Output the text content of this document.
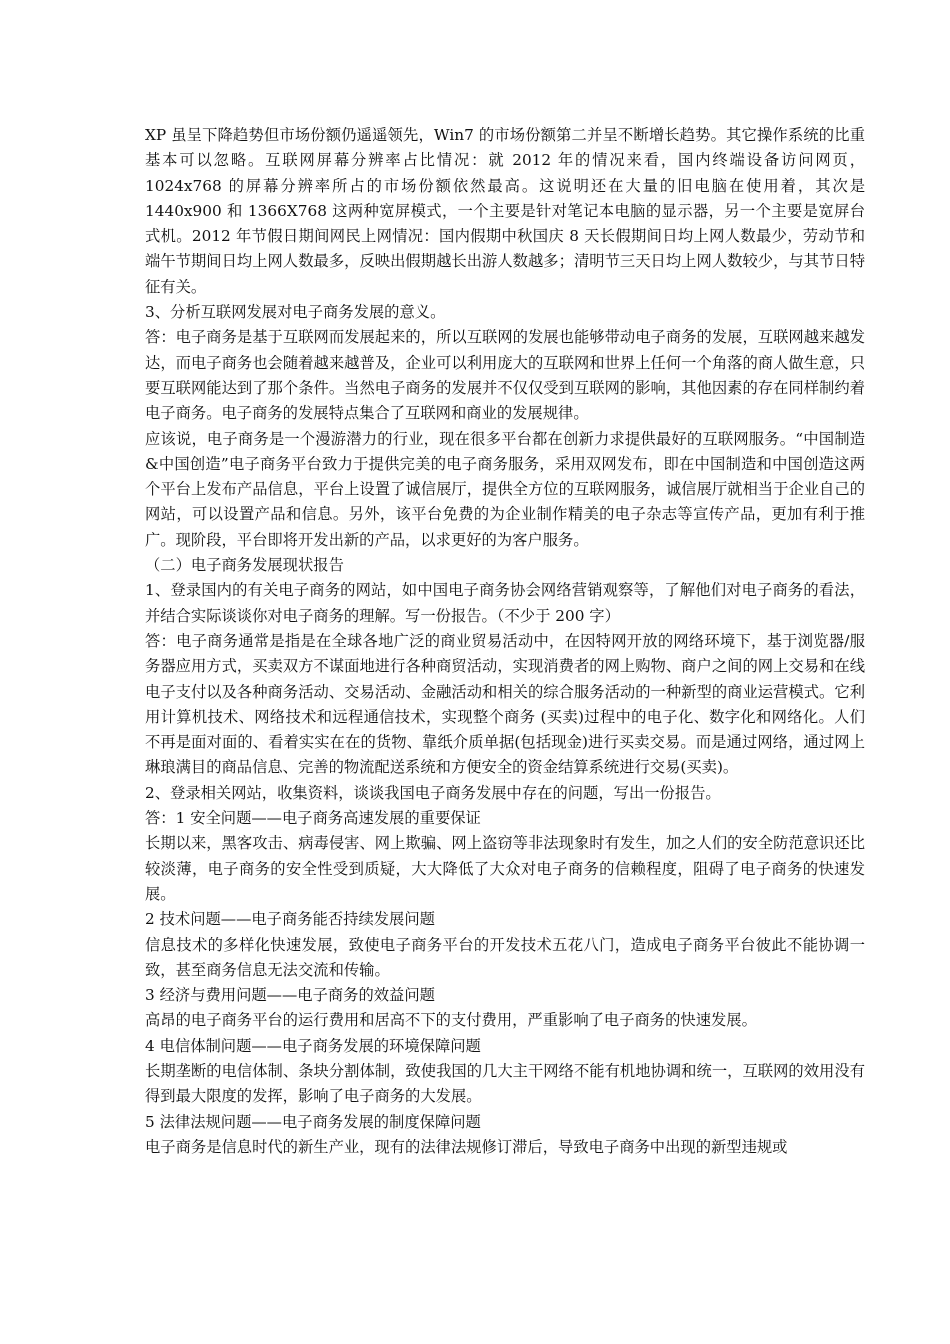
XP 虽呈下降趋势但市场份额仍遥遥领先，Win7 的市场份额第二并呈不断增长趋势。其它操作系统的比重基本可以忽略。互联网屏幕分辨率占比情况：就 2012 年的情况来看，国内终端设备访问网页，1024x768 的屏幕分辨率所占的市场份额依然最高。这说明还在大量的旧电脑在使用着，其次是 1440x900 和 1366X768 这两种宽屏模式，一个主要是针对笔记本电脑的显示器，另一个主要是宽屏台式机。2012 年节假日期间网民上网情况：国内假期中秋国庆 8 天长假期间日均上网人数最少，劳动节和端午节期间日均上网人数最多，反映出假期越长出游人数越多；清明节三天日均上网人数较少，与其节日特征有关。

3、分析互联网发展对电子商务发展的意义。

答：电子商务是基于互联网而发展起来的，所以互联网的发展也能够带动电子商务的发展，互联网越来越发达，而电子商务也会随着越来越普及，企业可以利用庞大的互联网和世界上任何一个角落的商人做生意，只要互联网能达到了那个条件。当然电子商务的发展并不仅仅受到互联网的影响，其他因素的存在同样制约着电子商务。电子商务的发展特点集合了互联网和商业的发展规律。

应该说，电子商务是一个漫游潜力的行业，现在很多平台都在创新力求提供最好的互联网服务。“中国制造&中国创造”电子商务平台致力于提供完美的电子商务服务，采用双网发布，即在中国制造和中国创造这两个平台上发布产品信息，平台上设置了诚信展厅，提供全方位的互联网服务，诚信展厅就相当于企业自己的网站，可以设置产品和信息。另外，该平台免费的为企业制作精美的电子杂志等宣传产品，更加有利于推广。现阶段，平台即将开发出新的产品，以求更好的为客户服务。

（二）电子商务发展现状报告

1、登录国内的有关电子商务的网站，如中国电子商务协会网络营销观察等，了解他们对电子商务的看法，并结合实际谈谈你对电子商务的理解。写一份报告。（不少于 200 字）

答：电子商务通常是指是在全球各地广泛的商业贸易活动中，在因特网开放的网络环境下，基于浏览器/服务器应用方式，买卖双方不谋面地进行各种商贸活动，实现消费者的网上购物、商户之间的网上交易和在线电子支付以及各种商务活动、交易活动、金融活动和相关的综合服务活动的一种新型的商业运营模式。它利用计算机技术、网络技术和远程通信技术，实现整个商务 (买卖)过程中的电子化、数字化和网络化。人们不再是面对面的、看着实实在在的货物、靠纸介质单据(包括现金)进行买卖交易。而是通过网络，通过网上琳琅满目的商品信息、完善的物流配送系统和方便安全的资金结算系统进行交易(买卖)。

2、登录相关网站，收集资料，谈谈我国电子商务发展中存在的问题，写出一份报告。

答：1 安全问题——电子商务高速发展的重要保证

长期以来，黑客攻击、病毒侵害、网上欺骗、网上盗窃等非法现象时有发生，加之人们的安全防范意识还比较淡薄，电子商务的安全性受到质疑，大大降低了大众对电子商务的信赖程度，阻碍了电子商务的快速发展。

2 技术问题——电子商务能否持续发展问题

信息技术的多样化快速发展，致使电子商务平台的开发技术五花八门，造成电子商务平台彼此不能协调一致，甚至商务信息无法交流和传输。

3 经济与费用问题——电子商务的效益问题

高昂的电子商务平台的运行费用和居高不下的支付费用，严重影响了电子商务的快速发展。

4 电信体制问题——电子商务发展的环境保障问题

长期垄断的电信体制、条块分割体制，致使我国的几大主干网络不能有机地协调和统一，互联网的效用没有得到最大限度的发挥，影响了电子商务的大发展。

5 法律法规问题——电子商务发展的制度保障问题

电子商务是信息时代的新生产业，现有的法律法规修订滞后，导致电子商务中出现的新型违规或
